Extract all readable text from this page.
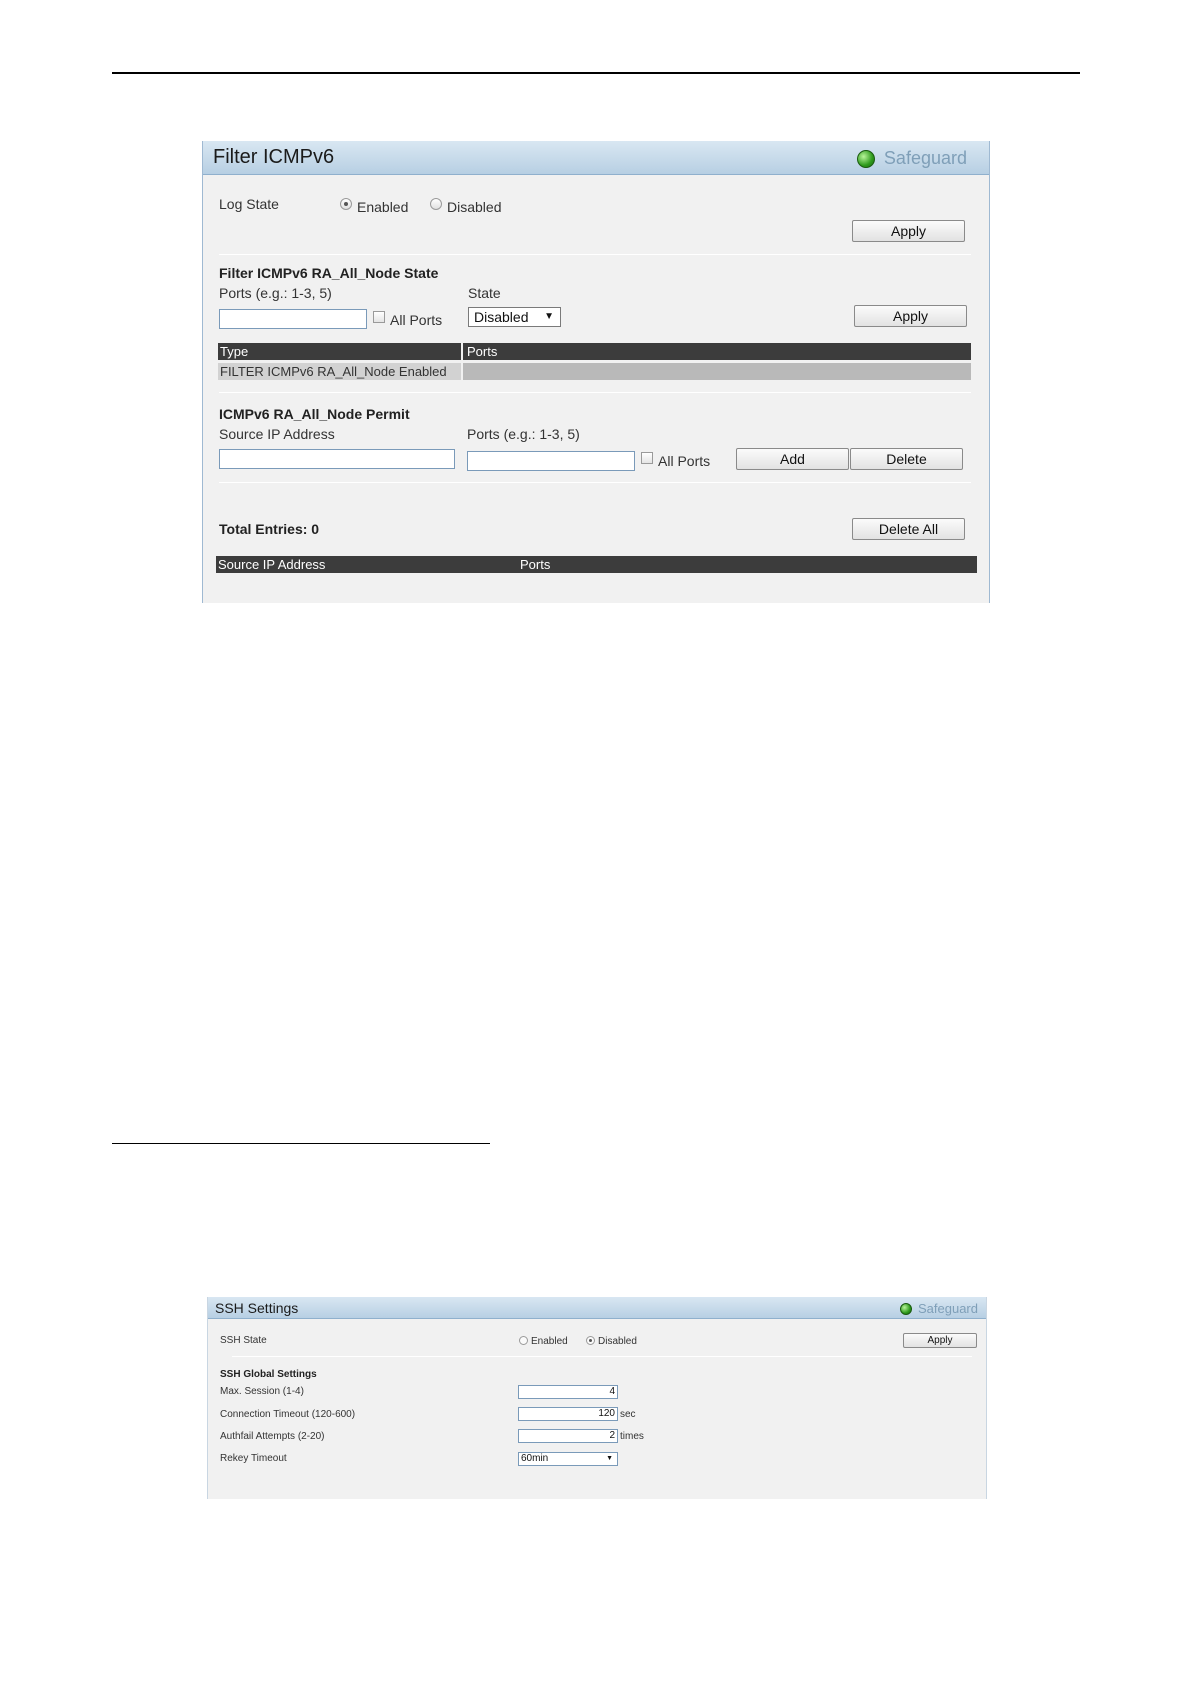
Filter ICMPv6	Safeguard
Log State	Enabled	Disabled
Apply
Filter ICMPv6 RA_All_Node State
Ports (e.g.: 1-3, 5)	State
All Ports	Disabled ▼	Apply
Type	Ports
FILTER ICMPv6 RA_All_Node Enabled
ICMPv6 RA_All_Node Permit
Source IP Address	Ports (e.g.: 1-3, 5)
All Ports	Add	Delete
Total Entries: 0	Delete All
Source IP Address	Ports
SSH Settings	Safeguard
SSH State	Enabled	Disabled	Apply
SSH Global Settings
Max. Session (1-4)	4
Connection Timeout (120-600)	120 sec
Authfail Attempts (2-20)	2 times
Rekey Timeout	60min	▼
